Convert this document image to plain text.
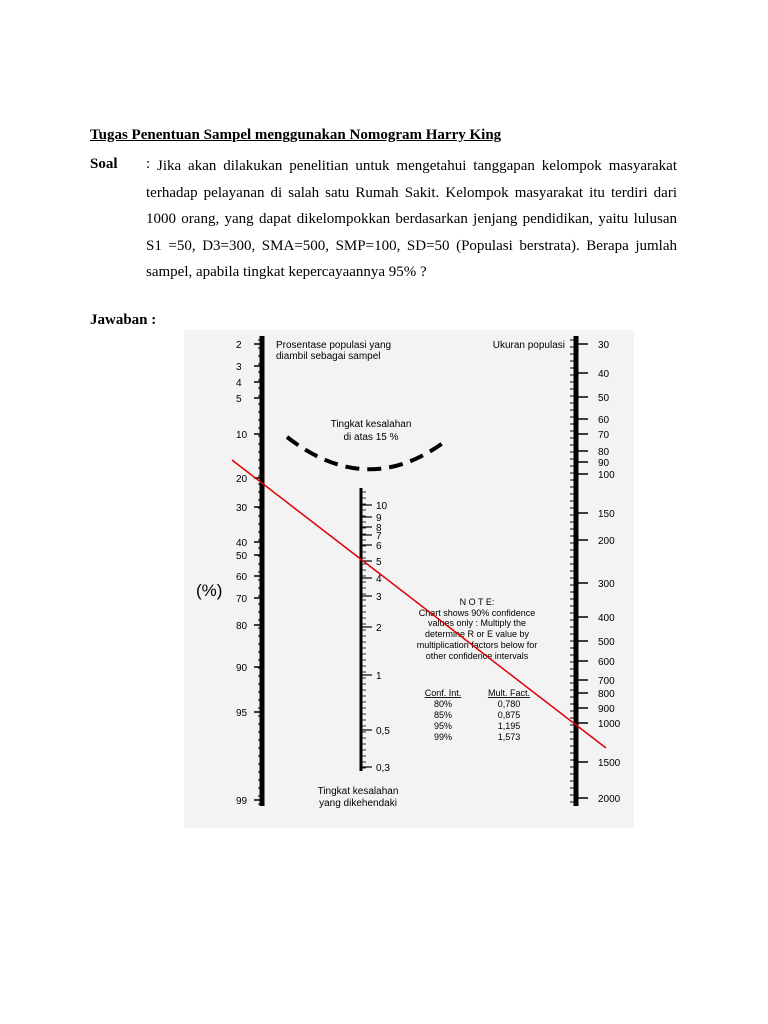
Tugas Penentuan Sampel menggunakan Nomogram Harry King
Soal : Jika akan dilakukan penelitian untuk mengetahui tanggapan kelompok masyarakat terhadap pelayanan di salah satu Rumah Sakit. Kelompok masyarakat itu terdiri dari 1000 orang, yang dapat dikelompokkan berdasarkan jenjang pendidikan, yaitu lulusan S1 =50, D3=300, SMA=500, SMP=100, SD=50 (Populasi berstrata). Berapa jumlah sampel, apabila tingkat kepercayaannya 95% ?
Jawaban :
2
3
4
5
10
20
30
40
50
60
70
80
90
95
99
10
9
8
7
6
5
4
3
2
1
0,5
0,3
30
40
50
60
70
80
90
100
150
200
300
400
500
600
700
800
900
1000
1500
2000
Prosentase populasi yang
diambil sebagai sampel
(%)
Tingkat kesalahan
di atas 15 %
Tingkat kesalahan
yang dikehendaki
Ukuran populasi
N O T E:
Chart shows 90% confidence
values only : Multiply the
determine R or E value by
multiplication factors below for
other confidence intervals
Conf. Int.	Mult. Fact.
80%	0,780
85%	0,875
95%	1,195
99%	1,573
